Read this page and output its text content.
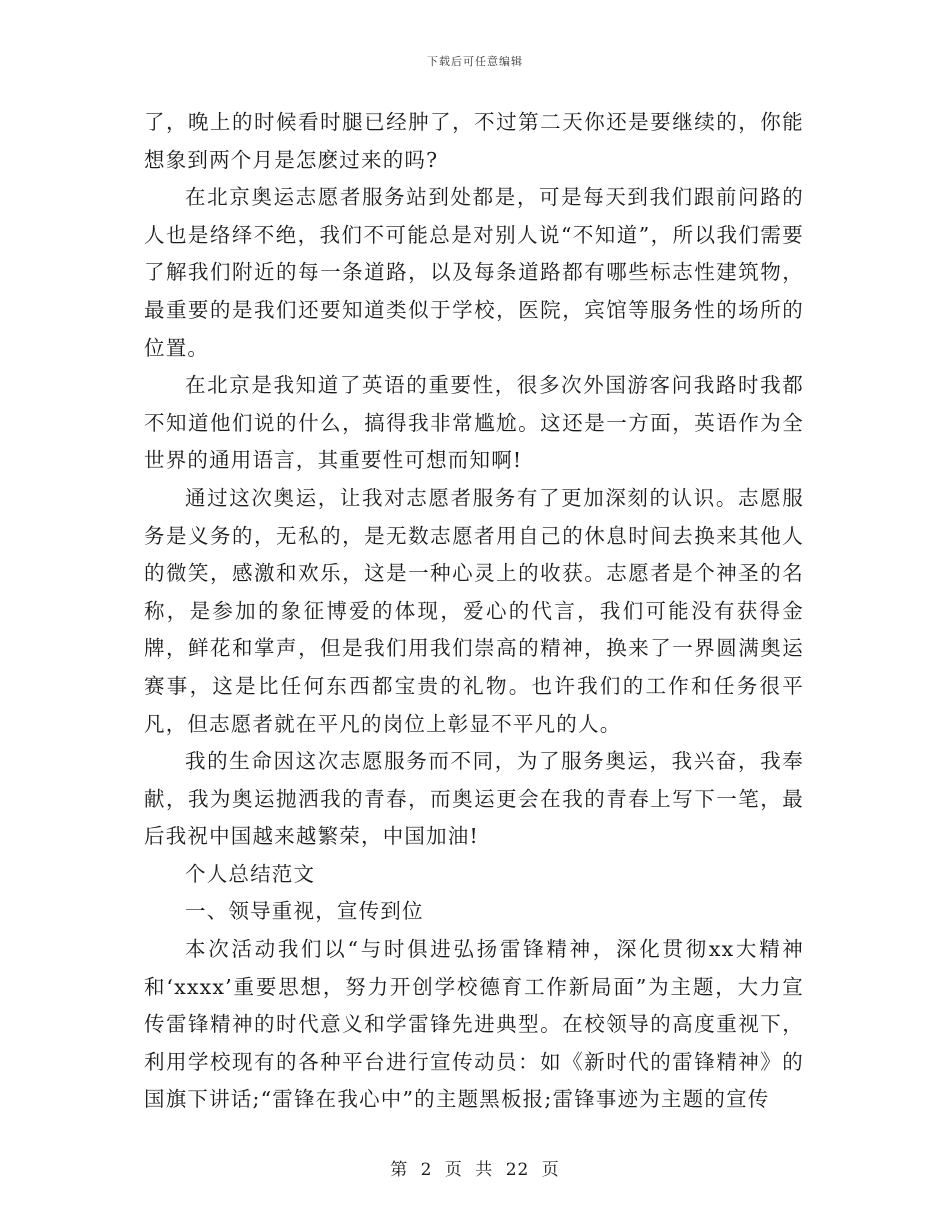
下载后可任意编辑

了，晚上的时候看时腿已经肿了，不过第二天你还是要继续的，你能想象到两个月是怎麽过来的吗?

在北京奥运志愿者服务站到处都是，可是每天到我们跟前问路的人也是络绎不绝，我们不可能总是对别人说“不知道”，所以我们需要了解我们附近的每一条道路，以及每条道路都有哪些标志性建筑物，最重要的是我们还要知道类似于学校，医院，宾馆等服务性的场所的位置。

在北京是我知道了英语的重要性，很多次外国游客问我路时我都不知道他们说的什么，搞得我非常尴尬。这还是一方面，英语作为全世界的通用语言，其重要性可想而知啊!

通过这次奥运，让我对志愿者服务有了更加深刻的认识。志愿服务是义务的，无私的，是无数志愿者用自己的休息时间去换来其他人的微笑，感激和欢乐，这是一种心灵上的收获。志愿者是个神圣的名称，是参加的象征博爱的体现，爱心的代言，我们可能没有获得金牌，鲜花和掌声，但是我们用我们崇高的精神，换来了一界圆满奥运赛事，这是比任何东西都宝贵的礼物。也许我们的工作和任务很平凡，但志愿者就在平凡的岗位上彰显不平凡的人。

我的生命因这次志愿服务而不同，为了服务奥运，我兴奋，我奉献，我为奥运抛洒我的青春，而奥运更会在我的青春上写下一笔，最后我祝中国越来越繁荣，中国加油!

个人总结范文

一、领导重视，宣传到位

本次活动我们以“与时俱进弘扬雷锋精神，深化贯彻xx大精神和‘xxxx’重要思想，努力开创学校德育工作新局面”为主题，大力宣传雷锋精神的时代意义和学雷锋先进典型。在校领导的高度重视下，利用学校现有的各种平台进行宣传动员：如《新时代的雷锋精神》的国旗下讲话;“雷锋在我心中”的主题黑板报;雷锋事迹为主题的宣传

第 2 页 共 22 页
